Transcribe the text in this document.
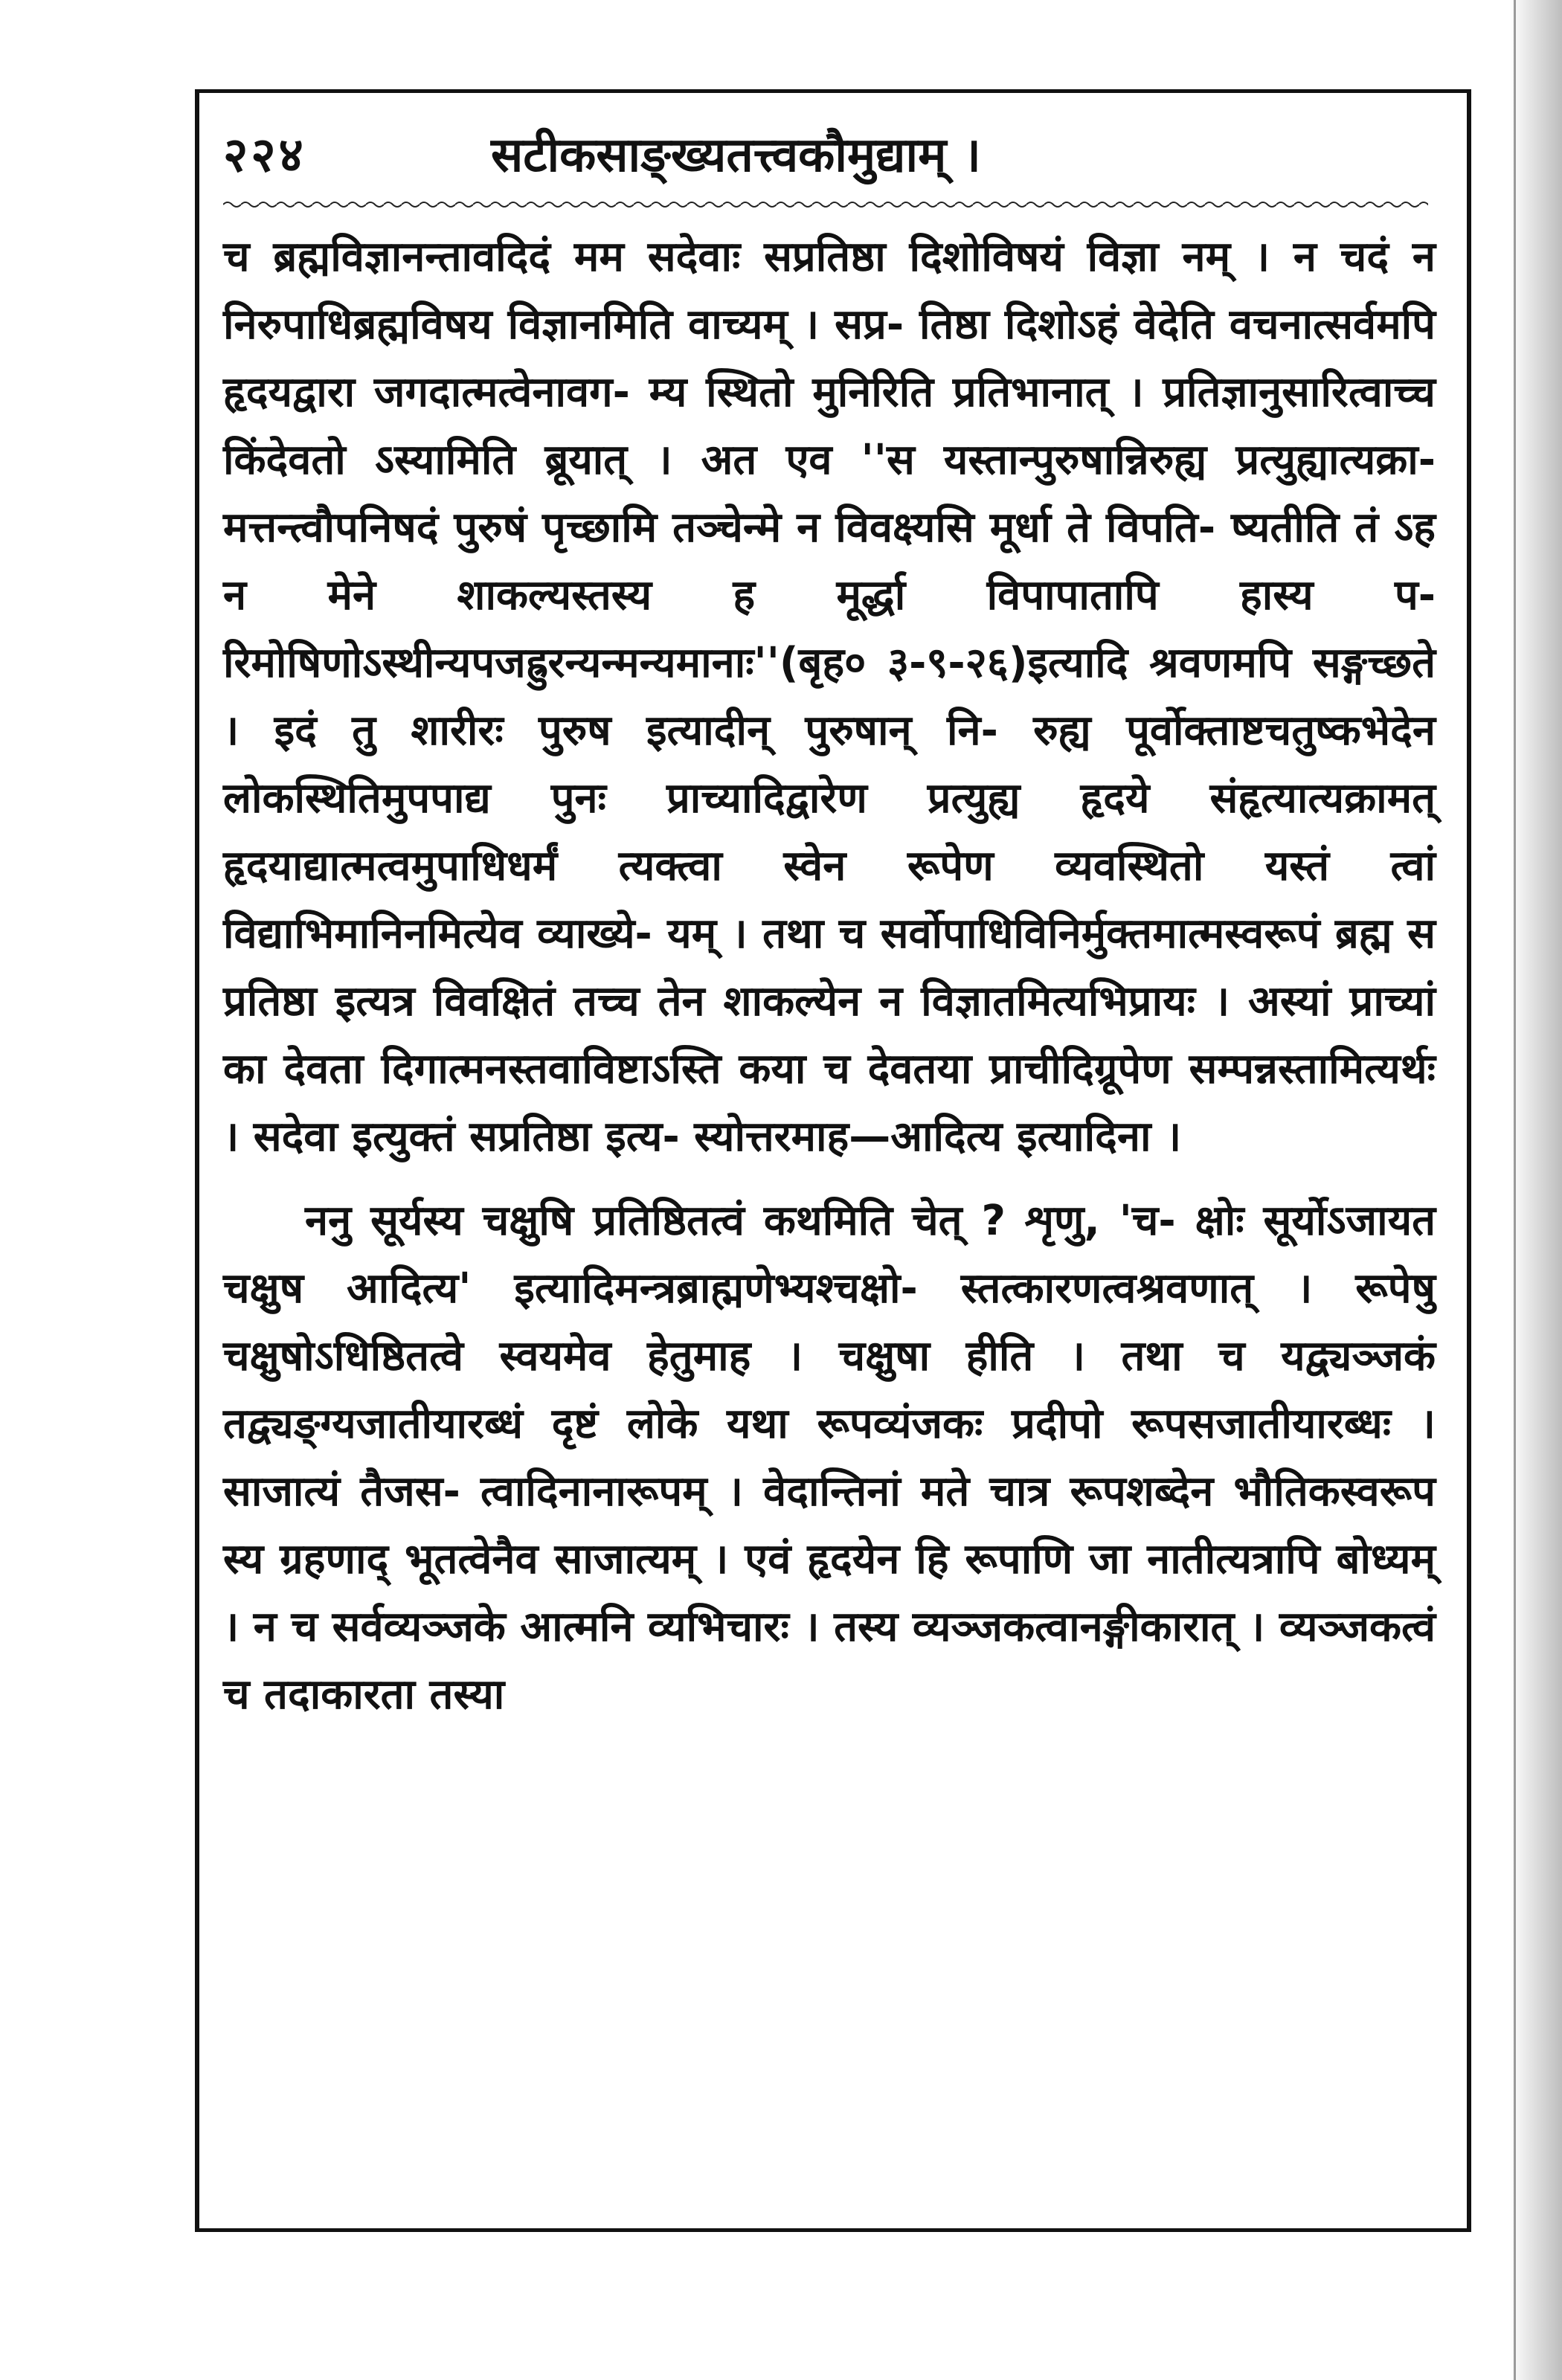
२२४	सटीकसाङ्ख्यतत्त्वकौमुद्याम् ।

च ब्रह्मविज्ञानन्तावदिदं मम सदेवाः सप्रतिष्ठा दिशोविषयं विज्ञा नम् । न चदं न निरुपाधिब्रह्मविषय विज्ञानमिति वाच्यम् । सप्र- तिष्ठा दिशोऽहं वेदेति वचनात्सर्वमपि हृदयद्वारा जगदात्मत्वेनावग- म्य स्थितो मुनिरिति प्रतिभानात् । प्रतिज्ञानुसारित्वाच्च किंदेवतो ऽस्यामिति ब्रूयात् । अत एव ''स यस्तान्पुरुषान्निरुह्य प्रत्युह्यात्यक्रा- मत्तन्त्वौपनिषदं पुरुषं पृच्छामि तञ्चेन्मे न विवक्ष्यसि मूर्धा ते विपति- ष्यतीति तं ऽह न मेने शाकल्यस्तस्य ह मूर्द्धा विपापातापि हास्य प- रिमोषिणोऽस्थीन्यपजह्रुरन्यन्मन्यमानाः''(बृह० ३-९-२६)इत्यादि श्रवणमपि सङ्गच्छते । इदं तु शारीरः पुरुष इत्यादीन् पुरुषान् नि- रुह्य पूर्वोक्ताष्टचतुष्कभेदेन लोकस्थितिमुपपाद्य पुनः प्राच्यादिद्वारेण प्रत्युह्य हृदये संहृत्यात्यक्रामत् हृदयाद्यात्मत्वमुपाधिधर्मं त्यक्त्वा स्वेन रूपेण व्यवस्थितो यस्तं त्वां विद्याभिमानिनमित्येव व्याख्ये- यम् । तथा च सर्वोपाधिविनिर्मुक्तमात्मस्वरूपं ब्रह्म स प्रतिष्ठा इत्यत्र विवक्षितं तच्च तेन शाकल्येन न विज्ञातमित्यभिप्रायः । अस्यां प्राच्यां का देवता दिगात्मनस्तवाविष्टाऽस्ति कया च देवतया प्राचीदिग्रूपेण सम्पन्नस्तामित्यर्थः । सदेवा इत्युक्तं सप्रतिष्ठा इत्य- स्योत्तरमाह—आदित्य इत्यादिना ।

ननु सूर्यस्य चक्षुषि प्रतिष्ठितत्वं कथमिति चेत् ? शृणु, 'च- क्षोः सूर्योऽजायत चक्षुष आदित्य' इत्यादिमन्त्रब्राह्मणेभ्यश्चक्षो- स्तत्कारणत्वश्रवणात् । रूपेषु चक्षुषोऽधिष्ठितत्वे स्वयमेव हेतुमाह । चक्षुषा हीति । तथा च यद्व्यञ्जकं तद्व्यङ्ग्यजातीयारब्धं दृष्टं लोके यथा रूपव्यंजकः प्रदीपो रूपसजातीयारब्धः । साजात्यं तैजस- त्वादिनानारूपम् । वेदान्तिनां मते चात्र रूपशब्देन भौतिकस्वरूप स्य ग्रहणाद् भूतत्वेनैव साजात्यम् । एवं हृदयेन हि रूपाणि जा नातीत्यत्रापि बोध्यम् । न च सर्वव्यञ्जके आत्मनि व्यभिचारः । तस्य व्यञ्जकत्वानङ्गीकारात् । व्यञ्जकत्वं च तदाकारता तस्या
